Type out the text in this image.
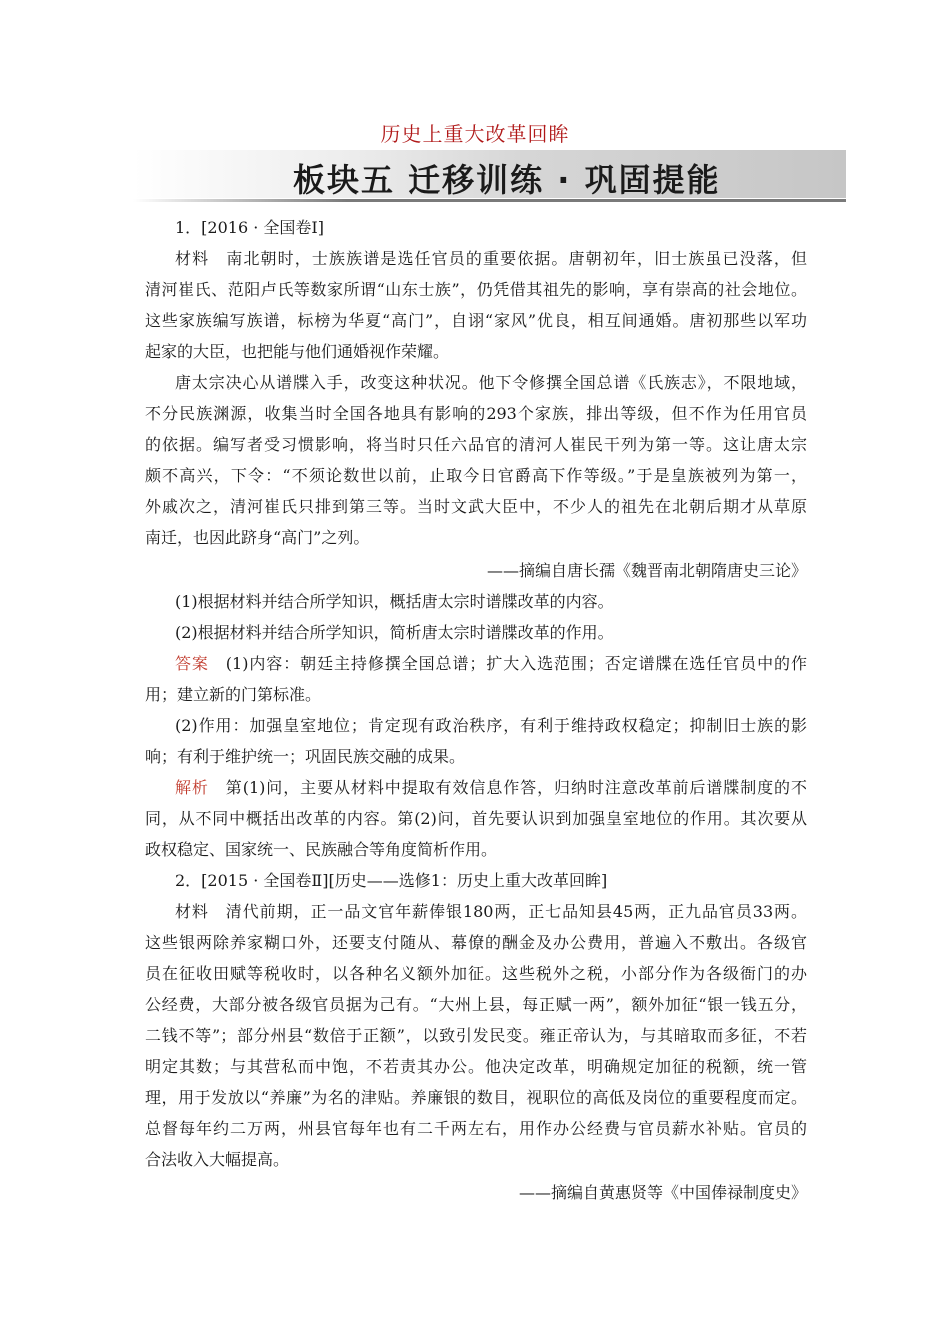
历史上重大改革回眸
板块五 迁移训练 · 巩固提能
1．[2016 · 全国卷Ⅰ]
材料　南北朝时，士族族谱是选任官员的重要依据。唐朝初年，旧士族虽已没落，但
清河崔氏、范阳卢氏等数家所谓“山东士族”，仍凭借其祖先的影响，享有崇高的社会地位。
这些家族编写族谱，标榜为华夏“高门”，自诩“家风”优良，相互间通婚。唐初那些以军功
起家的大臣，也把能与他们通婚视作荣耀。
唐太宗决心从谱牒入手，改变这种状况。他下令修撰全国总谱《氏族志》，不限地域，
不分民族渊源，收集当时全国各地具有影响的293个家族，排出等级，但不作为任用官员
的依据。编写者受习惯影响，将当时只任六品官的清河人崔民干列为第一等。这让唐太宗
颇不高兴，下令：“不须论数世以前，止取今日官爵高下作等级。”于是皇族被列为第一，
外戚次之，清河崔氏只排到第三等。当时文武大臣中，不少人的祖先在北朝后期才从草原
南迁，也因此跻身“高门”之列。
——摘编自唐长孺《魏晋南北朝隋唐史三论》
(1)根据材料并结合所学知识，概括唐太宗时谱牒改革的内容。
(2)根据材料并结合所学知识，简析唐太宗时谱牒改革的作用。
答案　 (1)内容：朝廷主持修撰全国总谱；扩大入选范围；否定谱牒在选任官员中的作
用；建立新的门第标准。
(2)作用：加强皇室地位；肯定现有政治秩序，有利于维持政权稳定；抑制旧士族的影
响；有利于维护统一；巩固民族交融的成果。
解析　 第(1)问，主要从材料中提取有效信息作答，归纳时注意改革前后谱牒制度的不
同，从不同中概括出改革的内容。第(2)问，首先要认识到加强皇室地位的作用。其次要从
政权稳定、国家统一、民族融合等角度简析作用。
2．[2015 · 全国卷Ⅱ][历史——选修1：历史上重大改革回眸]
材料　清代前期，正一品文官年薪俸银180两，正七品知县45两，正九品官员33两。
这些银两除养家糊口外，还要支付随从、幕僚的酬金及办公费用，普遍入不敷出。各级官
员在征收田赋等税收时，以各种名义额外加征。这些税外之税，小部分作为各级衙门的办
公经费，大部分被各级官员据为己有。“大州上县，每正赋一两”，额外加征“银一钱五分，
二钱不等”；部分州县“数倍于正额”，以致引发民变。雍正帝认为，与其暗取而多征，不若
明定其数；与其营私而中饱，不若责其办公。他决定改革，明确规定加征的税额，统一管
理，用于发放以“养廉”为名的津贴。养廉银的数目，视职位的高低及岗位的重要程度而定。
总督每年约二万两，州县官每年也有二千两左右，用作办公经费与官员薪水补贴。官员的
合法收入大幅提高。
——摘编自黄惠贤等《中国俸禄制度史》
